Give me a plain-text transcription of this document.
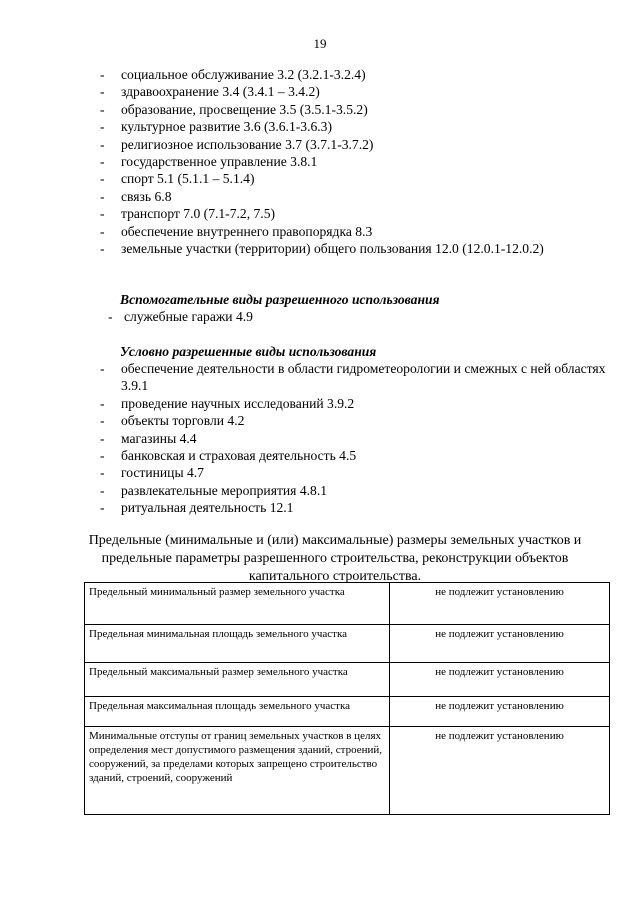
19
- социальное обслуживание 3.2 (3.2.1-3.2.4)
- здравоохранение 3.4 (3.4.1 – 3.4.2)
- образование, просвещение 3.5 (3.5.1-3.5.2)
- культурное развитие 3.6 (3.6.1-3.6.3)
- религиозное использование 3.7 (3.7.1-3.7.2)
- государственное управление 3.8.1
- спорт 5.1 (5.1.1 – 5.1.4)
- связь 6.8
- транспорт 7.0 (7.1-7.2, 7.5)
- обеспечение внутреннего правопорядка 8.3
- земельные участки (территории) общего пользования 12.0 (12.0.1-12.0.2)

Вспомогательные виды разрешенного использования

- служебные гаражи 4.9

Условно разрешенные виды использования

- обеспечение деятельности в области гидрометеорологии и смежных с ней областях 3.9.1
- проведение научных исследований 3.9.2
- объекты торговли 4.2
- магазины 4.4
- банковская и страховая деятельность 4.5
- гостиницы 4.7
- развлекательные мероприятия 4.8.1
- ритуальная деятельность 12.1

Предельные (минимальные и (или) максимальные) размеры земельных участков и предельные параметры разрешенного строительства, реконструкции объектов капитального строительства.

Предельный минимальный размер земельного участка	не подлежит установлению
Предельная минимальная площадь земельного участка	не подлежит установлению
Предельный максимальный размер земельного участка	не подлежит установлению
Предельная максимальная площадь земельного участка	не подлежит установлению
Минимальные отступы от границ земельных участков в целях определения мест допустимого размещения зданий, строений, сооружений, за пределами которых запрещено строительство зданий, строений, сооружений	не подлежит установлению
